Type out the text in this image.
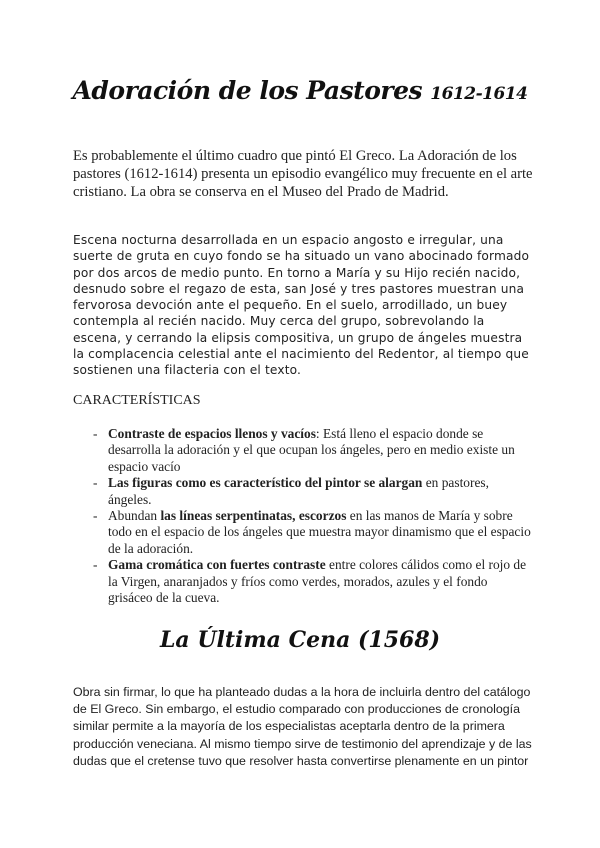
Adoración de los Pastores 1612-1614

Es probablemente el último cuadro que pintó El Greco. La Adoración de los pastores (1612-1614) presenta un episodio evangélico muy frecuente en el arte cristiano. La obra se conserva en el Museo del Prado de Madrid.

Escena nocturna desarrollada en un espacio angosto e irregular, una suerte de gruta en cuyo fondo se ha situado un vano abocinado formado por dos arcos de medio punto. En torno a María y su Hijo recién nacido, desnudo sobre el regazo de esta, san José y tres pastores muestran una fervorosa devoción ante el pequeño. En el suelo, arrodillado, un buey contempla al recién nacido. Muy cerca del grupo, sobrevolando la escena, y cerrando la elipsis compositiva, un grupo de ángeles muestra la complacencia celestial ante el nacimiento del Redentor, al tiempo que sostienen una filacteria con el texto.

CARACTERÍSTICAS
- Contraste de espacios llenos y vacíos: Está lleno el espacio donde se desarrolla la adoración y el que ocupan los ángeles, pero en medio existe un espacio vacío
- Las figuras como es característico del pintor se alargan en pastores, ángeles.
- Abundan las líneas serpentinatas, escorzos en las manos de María y sobre todo en el espacio de los ángeles que muestra mayor dinamismo que el espacio de la adoración.
- Gama cromática con fuertes contraste entre colores cálidos como el rojo de la Virgen, anaranjados y fríos como verdes, morados, azules y el fondo grisáceo de la cueva.
La Última Cena (1568)

Obra sin firmar, lo que ha planteado dudas a la hora de incluirla dentro del catálogo de El Greco. Sin embargo, el estudio comparado con producciones de cronología similar permite a la mayoría de los especialistas aceptarla dentro de la primera producción veneciana. Al mismo tiempo sirve de testimonio del aprendizaje y de las dudas que el cretense tuvo que resolver hasta convertirse plenamente en un pintor
